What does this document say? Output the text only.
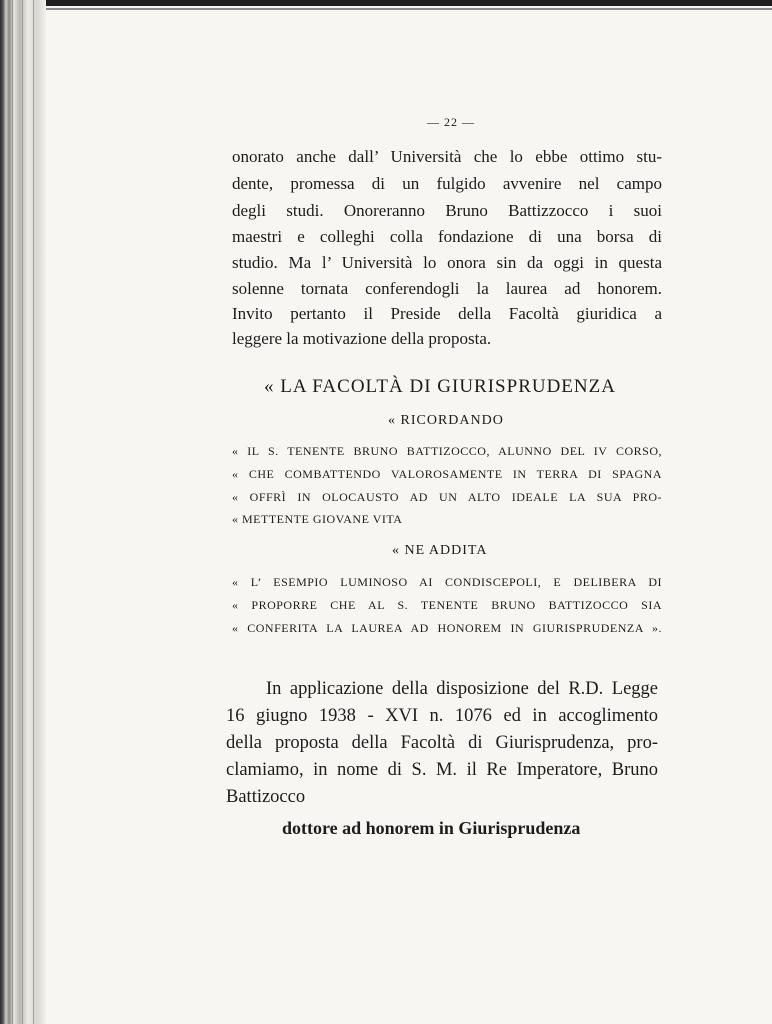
— 22 —
onorato anche dall’ Università che lo ebbe ottimo stu-
dente, promessa di un fulgido avvenire nel campo
degli studi. Onoreranno Bruno Battizzocco i suoi
maestri e colleghi colla fondazione di una borsa di
studio. Ma l’ Università lo onora sin da oggi in questa
solenne tornata conferendogli la laurea ad honorem.
Invito pertanto il Preside della Facoltà giuridica a
leggere la motivazione della proposta.
« LA FACOLTÀ DI GIURISPRUDENZA
« RICORDANDO
« IL S. TENENTE BRUNO BATTIZOCCO, ALUNNO DEL IV CORSO,
« CHE COMBATTENDO VALOROSAMENTE IN TERRA DI SPAGNA
« OFFRÌ IN OLOCAUSTO AD UN ALTO IDEALE LA SUA PRO-
« METTENTE GIOVANE VITA
« NE ADDITA
« L’ ESEMPIO LUMINOSO AI CONDISCEPOLI, E DELIBERA DI
« PROPORRE CHE AL S. TENENTE BRUNO BATTIZOCCO SIA
« CONFERITA LA LAUREA AD HONOREM IN GIURISPRUDENZA ».
In applicazione della disposizione del R.D. Legge
16 giugno 1938 - XVI n. 1076 ed in accoglimento
della proposta della Facoltà di Giurisprudenza, pro-
clamiamo, in nome di S. M. il Re Imperatore, Bruno
Battizocco
dottore ad honorem in Giurisprudenza
